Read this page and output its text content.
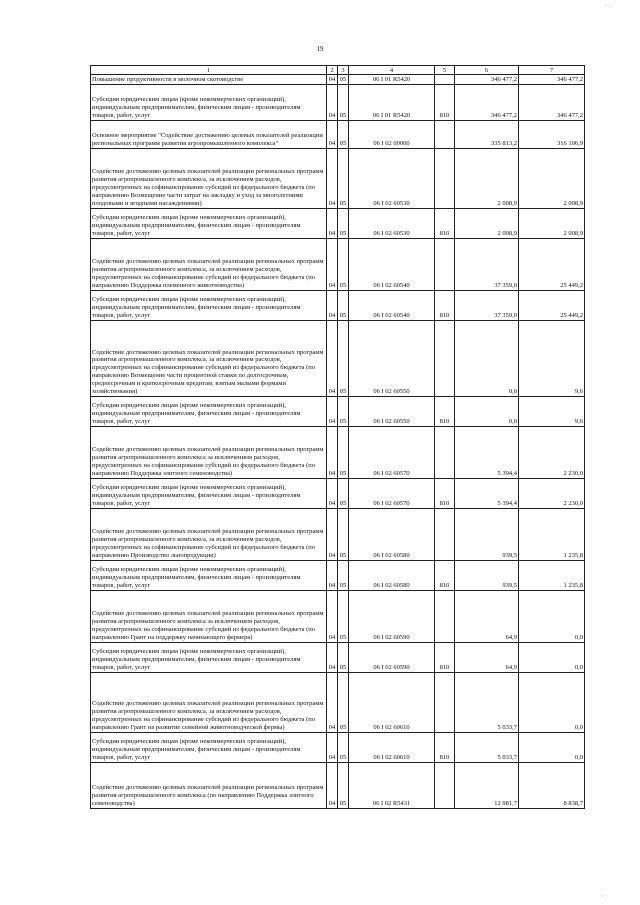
19
- . ,
. , .
1	2	3	4	5	6	7
Повышение продуктивности в молочном скотоводстве	04	05	06 I 01 R5420		346 477,2	346 477,2
Субсидии юридическим лицам (кроме некоммерческих организаций), индивидуальным предпринимателям, физическим лицам - производителям товаров, работ, услуг	04	05	06 I 01 R5420	810	346 477,2	346 477,2
Основное мероприятие "Содействие достижению целевых показателей реализации региональных программ развития агропромышленного комплекса"	04	05	06 I 02 00000		335 813,2	316 106,9
Содействие достижению целевых показателей реализации региональных программ развития агропромышленного комплекса, за исключением расходов, предусмотренных на софинансирование субсидий из федерального бюджета (по направлению Возмещение части затрат на закладку и уход за многолетними плодовыми и ягодными насаждениями)	04	05	06 I 02 60530		2 008,9	2 008,9
Субсидии юридическим лицам (кроме некоммерческих организаций), индивидуальным предпринимателям, физическим лицам - производителям товаров, работ, услуг	04	05	06 I 02 60530	810	2 008,9	2 008,9
Содействие достижению целевых показателей реализации региональных программ развития агропромышленного комплекса, за исключением расходов, предусмотренных на софинансирование субсидий из федерального бюджета (по направлению Поддержка племенного животноводства)	04	05	06 I 02 60540		37 359,0	25 449,2
Субсидии юридическим лицам (кроме некоммерческих организаций), индивидуальным предпринимателям, физическим лицам - производителям товаров, работ, услуг	04	05	06 I 02 60540	810	37 359,0	25 449,2
Содействие достижению целевых показателей реализации региональных программ развития агропромышленного комплекса, за исключением расходов, предусмотренных на софинансирование субсидий из федерального бюджета (по направлению Возмещение части процентной ставки по долгосрочным, среднесрочным и краткосрочным кредитам, взятым малыми формами хозяйствования)	04	05	06 I 02 60550		0,0	9,6
Субсидии юридическим лицам (кроме некоммерческих организаций), индивидуальным предпринимателям, физическим лицам - производителям товаров, работ, услуг	04	05	06 I 02 60550	810	0,0	9,6
Содействие достижению целевых показателей реализации региональных программ развития агропромышленного комплекса за исключением расходов, предусмотренных на софинансирование субсидий из федерального бюджета (по направлению Поддержка элитного семеноводства)	04	05	06 I 02 60570		5 394,4	2 230,0
Субсидии юридическим лицам (кроме некоммерческих организаций), индивидуальным предпринимателям, физическим лицам - производителям товаров, работ, услуг	04	05	06 I 02 60570	810	5 394,4	2 230,0
Содействие достижению целевых показателей реализации региональных программ развития агропромышленного комплекса, за исключением расходов, предусмотренных на софинансирование субсидий из федерального бюджета (по направлению Производство льнопродукции)	04	05	06 I 02 60580		939,5	1 235,8
Субсидии юридическим лицам (кроме некоммерческих организаций), индивидуальным предпринимателям, физическим лицам - производителям товаров, работ, услуг	04	05	06 I 02 60580	810	939,5	1 235,8
Содействие достижению целевых показателей реализации региональных программ развития агропромышленного комплекса за исключением расходов, предусмотренных на софинансирование субсидий из федерального бюджета (по направлению Грант на поддержку начинающего фермера)	04	05	06 I 02 60590		64,9	0,0
Субсидии юридическим лицам (кроме некоммерческих организаций), индивидуальным предпринимателям, физическим лицам - производителям товаров, работ, услуг	04	05	06 I 02 60590	810	64,9	0,0
Содействие достижению целевых показателей реализации региональных программ развития агропромышленного комплекса, за исключением расходов, предусмотренных на софинансирование субсидий из федерального бюджета (по направлению Грант на развитие семейной животноводческой фермы)	04	05	06 I 02 60610		5 033,7	0,0
Субсидии юридическим лицам (кроме некоммерческих организаций), индивидуальным предпринимателям, физическим лицам - производителям товаров, работ, услуг	04	05	06 I 02 60610	810	5 033,7	0,0
Содействие достижению целевых показателей реализации региональных программ развития агропромышленного комплекса (по направлению Поддержка элитного семеноводства)	04	05	06 I 02 R5431		12 981,7	8 838,7
